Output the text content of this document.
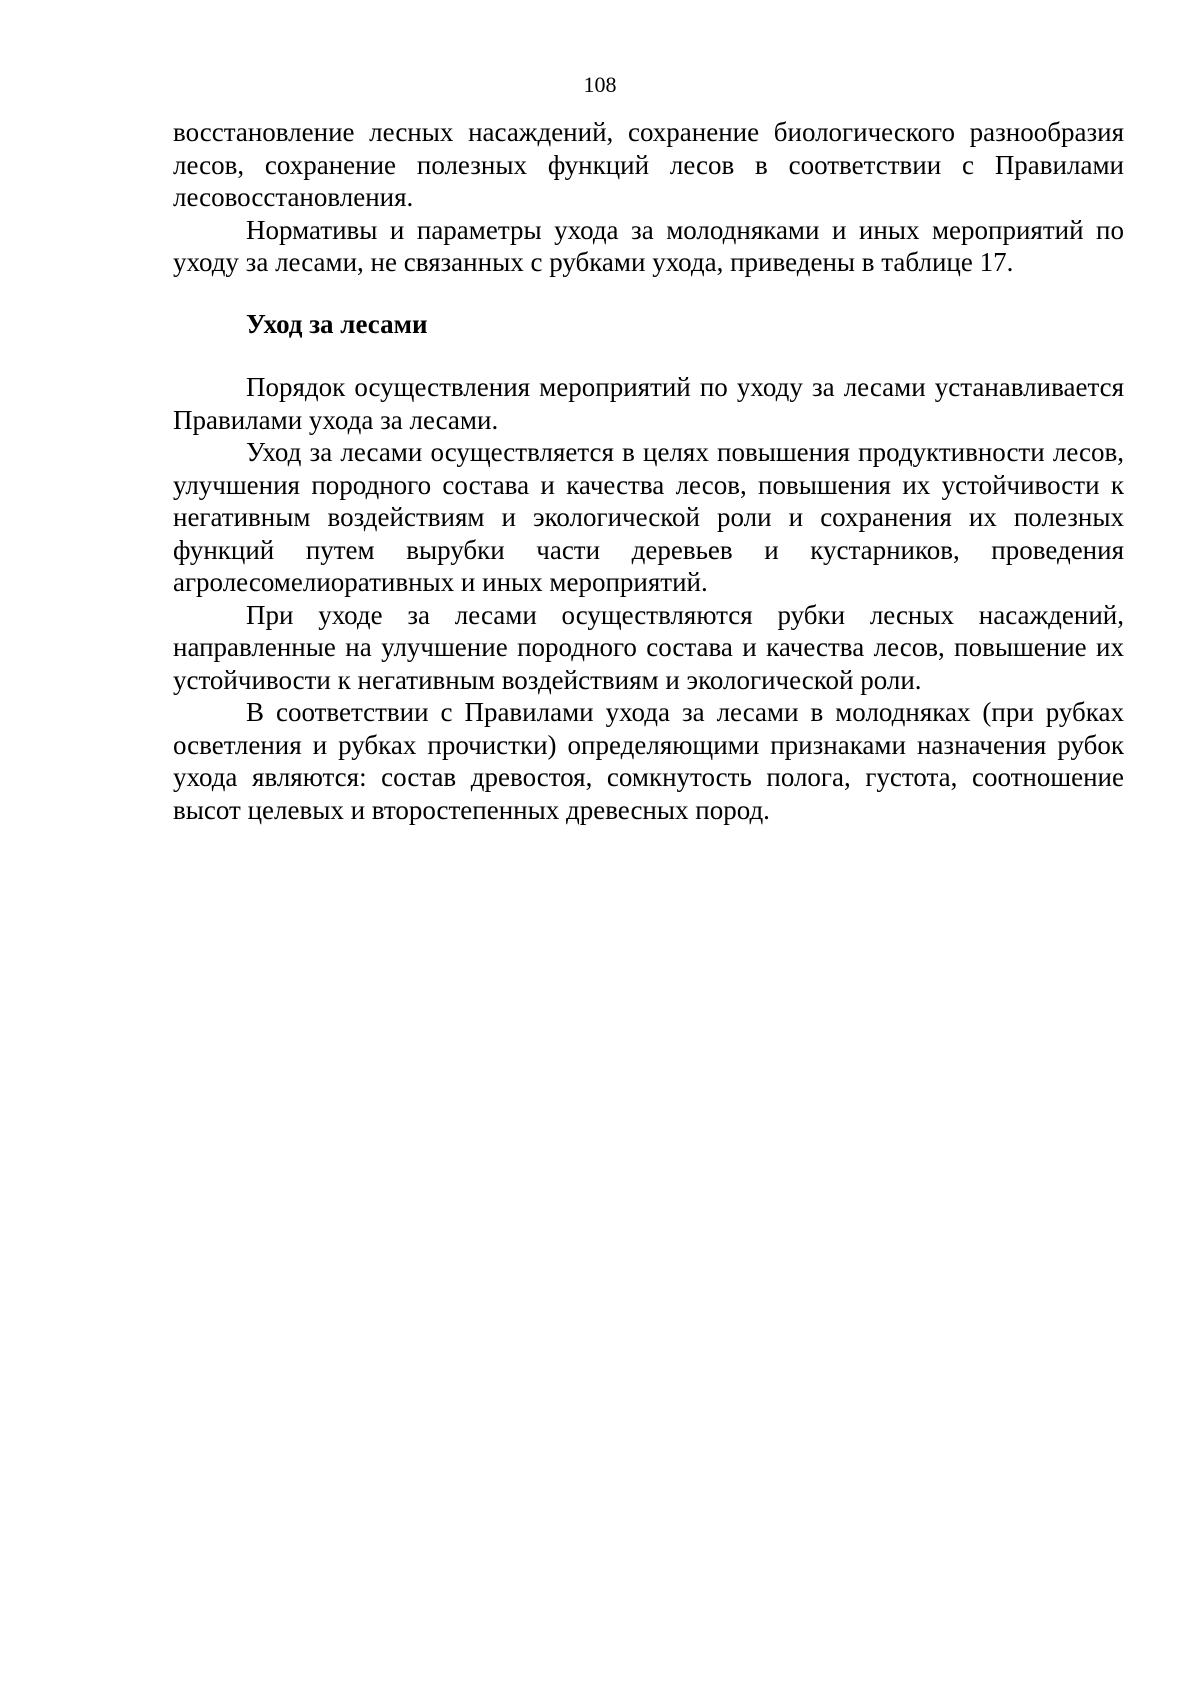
108

восстановление лесных насаждений, сохранение биологического разнообразия лесов, сохранение полезных функций лесов в соответствии с Правилами лесовосстановления.

Нормативы и параметры ухода за молодняками и иных мероприятий по уходу за лесами, не связанных с рубками ухода, приведены в таблице 17.

Уход за лесами

Порядок осуществления мероприятий по уходу за лесами устанавливается Правилами ухода за лесами.

Уход за лесами осуществляется в целях повышения продуктивности лесов, улучшения породного состава и качества лесов, повышения их устойчивости к негативным воздействиям и экологической роли и сохранения их полезных функций путем вырубки части деревьев и кустарников, проведения агролесомелиоративных и иных мероприятий.

При уходе за лесами осуществляются рубки лесных насаждений, направленные на улучшение породного состава и качества лесов, повышение их устойчивости к негативным воздействиям и экологической роли.

В соответствии с Правилами ухода за лесами в молодняках (при рубках осветления и рубках прочистки) определяющими признаками назначения рубок ухода являются: состав древостоя, сомкнутость полога, густота, соотношение высот целевых и второстепенных древесных пород.
